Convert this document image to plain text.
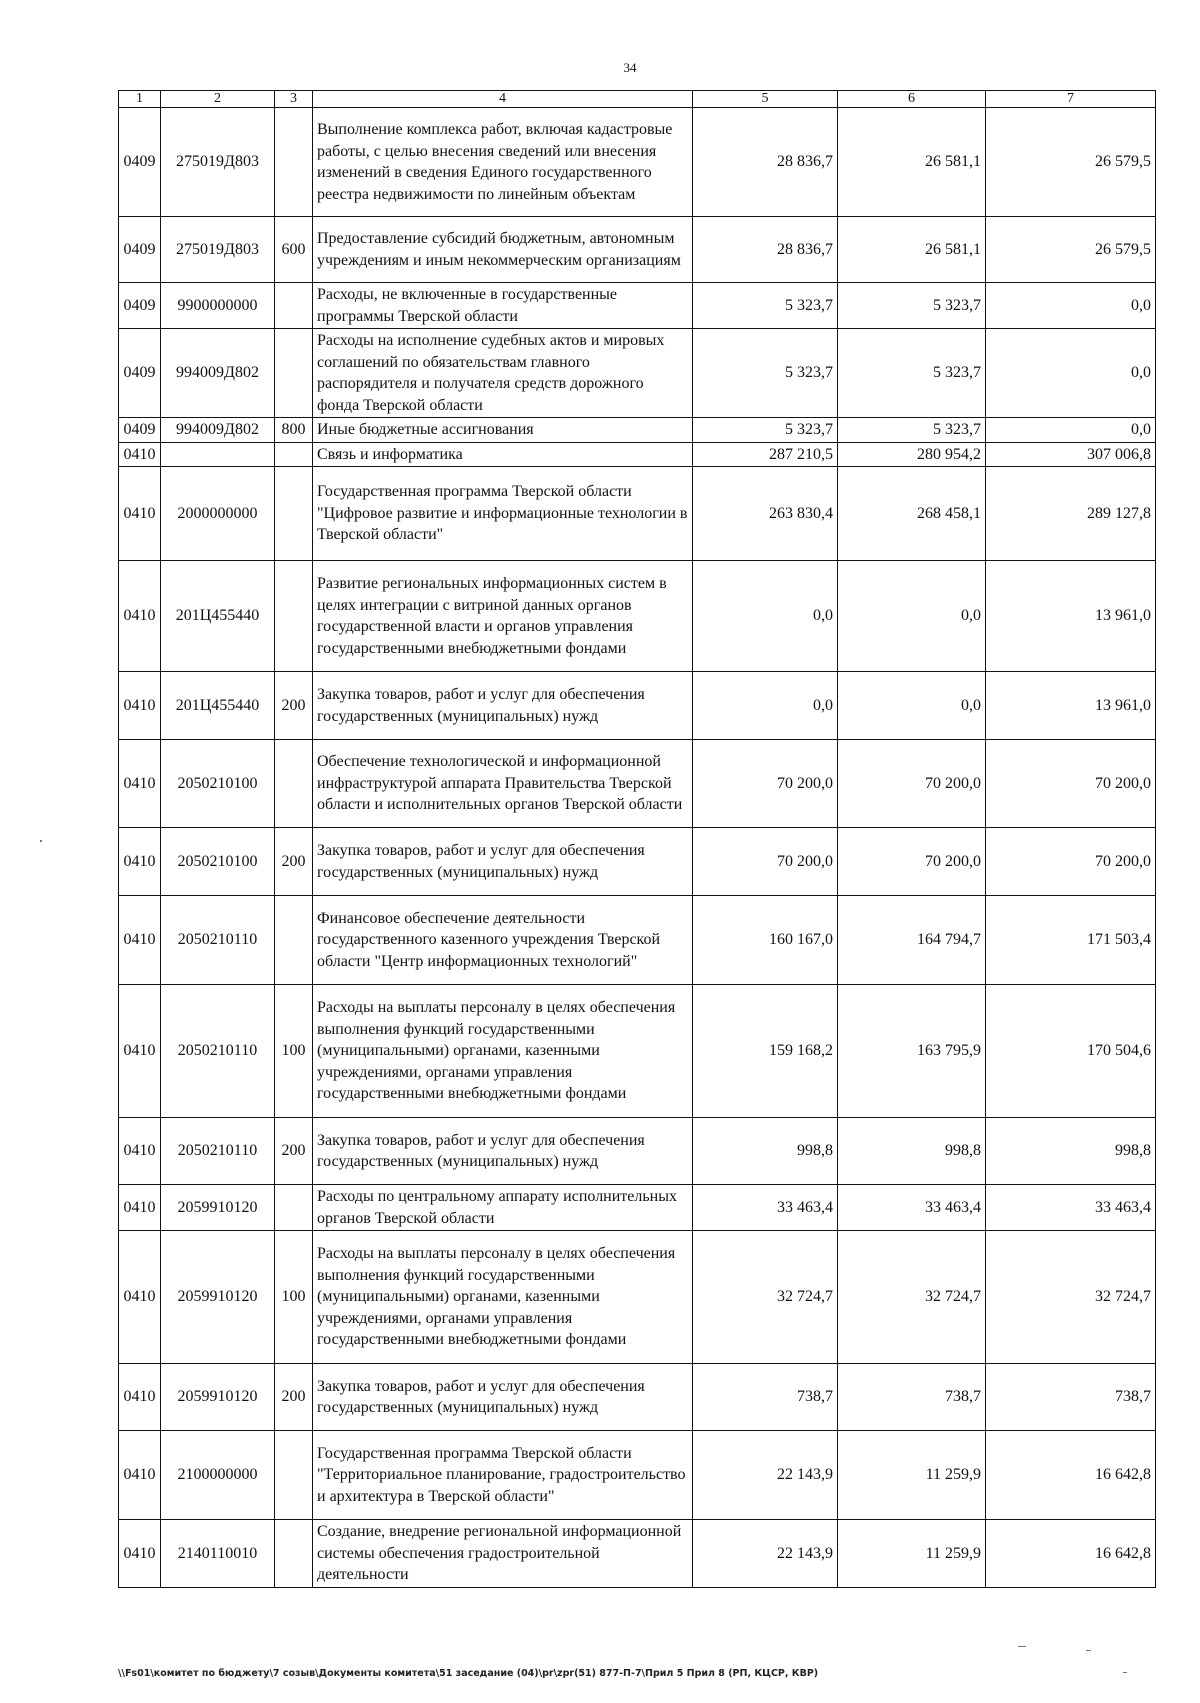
34
1	2	3	4	5	6	7
0409	275019Д803		Выполнение комплекса работ, включая кадастровые работы, с целью внесения сведений или внесения изменений в сведения Единого государственного реестра недвижимости по линейным объектам	28 836,7	26 581,1	26 579,5
0409	275019Д803	600	Предоставление субсидий бюджетным, автономным учреждениям и иным некоммерческим организациям	28 836,7	26 581,1	26 579,5
0409	9900000000		Расходы, не включенные в государственные программы Тверской области	5 323,7	5 323,7	0,0
0409	994009Д802		Расходы на исполнение судебных актов и мировых соглашений по обязательствам главного распорядителя и получателя средств дорожного фонда Тверской области	5 323,7	5 323,7	0,0
0409	994009Д802	800	Иные бюджетные ассигнования	5 323,7	5 323,7	0,0
0410			Связь и информатика	287 210,5	280 954,2	307 006,8
0410	2000000000		Государственная программа Тверской области "Цифровое развитие и информационные технологии в Тверской области"	263 830,4	268 458,1	289 127,8
0410	201Ц455440		Развитие региональных информационных систем в целях интеграции с витриной данных органов государственной власти и органов управления государственными внебюджетными фондами	0,0	0,0	13 961,0
0410	201Ц455440	200	Закупка товаров, работ и услуг для обеспечения государственных (муниципальных) нужд	0,0	0,0	13 961,0
0410	2050210100		Обеспечение технологической и информационной инфраструктурой аппарата Правительства Тверской области и исполнительных органов Тверской области	70 200,0	70 200,0	70 200,0
0410	2050210100	200	Закупка товаров, работ и услуг для обеспечения государственных (муниципальных) нужд	70 200,0	70 200,0	70 200,0
0410	2050210110		Финансовое обеспечение деятельности государственного казенного учреждения Тверской области "Центр информационных технологий"	160 167,0	164 794,7	171 503,4
0410	2050210110	100	Расходы на выплаты персоналу в целях обеспечения выполнения функций государственными (муниципальными) органами, казенными учреждениями, органами управления государственными внебюджетными фондами	159 168,2	163 795,9	170 504,6
0410	2050210110	200	Закупка товаров, работ и услуг для обеспечения государственных (муниципальных) нужд	998,8	998,8	998,8
0410	2059910120		Расходы по центральному аппарату исполнительных органов Тверской области	33 463,4	33 463,4	33 463,4
0410	2059910120	100	Расходы на выплаты персоналу в целях обеспечения выполнения функций государственными (муниципальными) органами, казенными учреждениями, органами управления государственными внебюджетными фондами	32 724,7	32 724,7	32 724,7
0410	2059910120	200	Закупка товаров, работ и услуг для обеспечения государственных (муниципальных) нужд	738,7	738,7	738,7
0410	2100000000		Государственная программа Тверской области "Территориальное планирование, градостроительство и архитектура в Тверской области"	22 143,9	11 259,9	16 642,8
0410	2140110010		Создание, внедрение региональной информационной системы обеспечения градостроительной деятельности	22 143,9	11 259,9	16 642,8
\\Fs01\комитет по бюджету\7 созыв\Документы комитета\51 заседание (04)\pr\zpr(51) 877-П-7\Прил 5 Прил 8 (РП, КЦСР, КВР)
